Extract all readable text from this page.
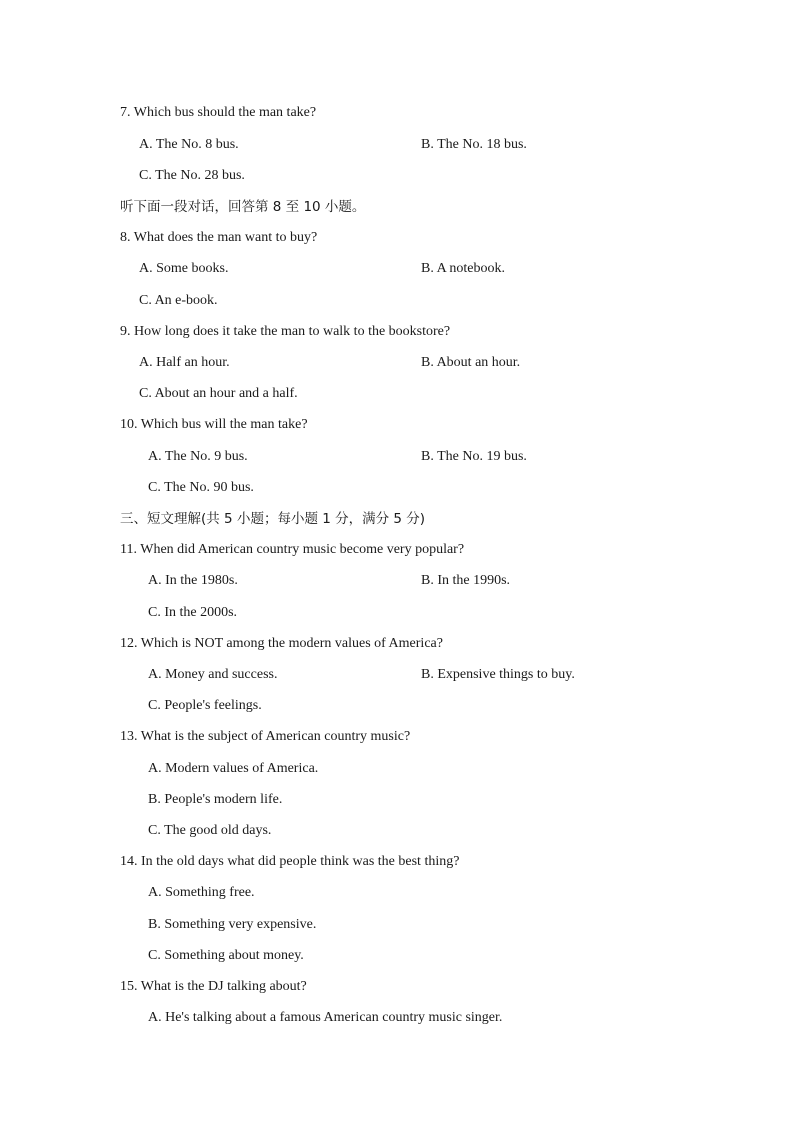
7. Which bus should the man take?
A. The No. 8 bus.	B. The No. 18 bus.
C. The No. 28 bus.
听下面一段对话，回答第 8 至 10 小题。
8. What does the man want to buy?
A. Some books.	B. A notebook.
C. An e-book.
9. How long does it take the man to walk to the bookstore?
A. Half an hour.	B. About an hour.
C. About an hour and a half.
10. Which bus will the man take?
A. The No. 9 bus.	B. The No. 19 bus.
C. The No. 90 bus.
三、短文理解(共 5 小题；每小题 1 分，满分 5 分)
11. When did American country music become very popular?
A. In the 1980s.	B. In the 1990s.
C. In the 2000s.
12. Which is NOT among the modern values of America?
A. Money and success.	B. Expensive things to buy.
C. People's feelings.
13. What is the subject of American country music?
A. Modern values of America.
B. People's modern life.
C. The good old days.
14. In the old days what did people think was the best thing?
A. Something free.
B. Something very expensive.
C. Something about money.
15. What is the DJ talking about?
A. He's talking about a famous American country music singer.
